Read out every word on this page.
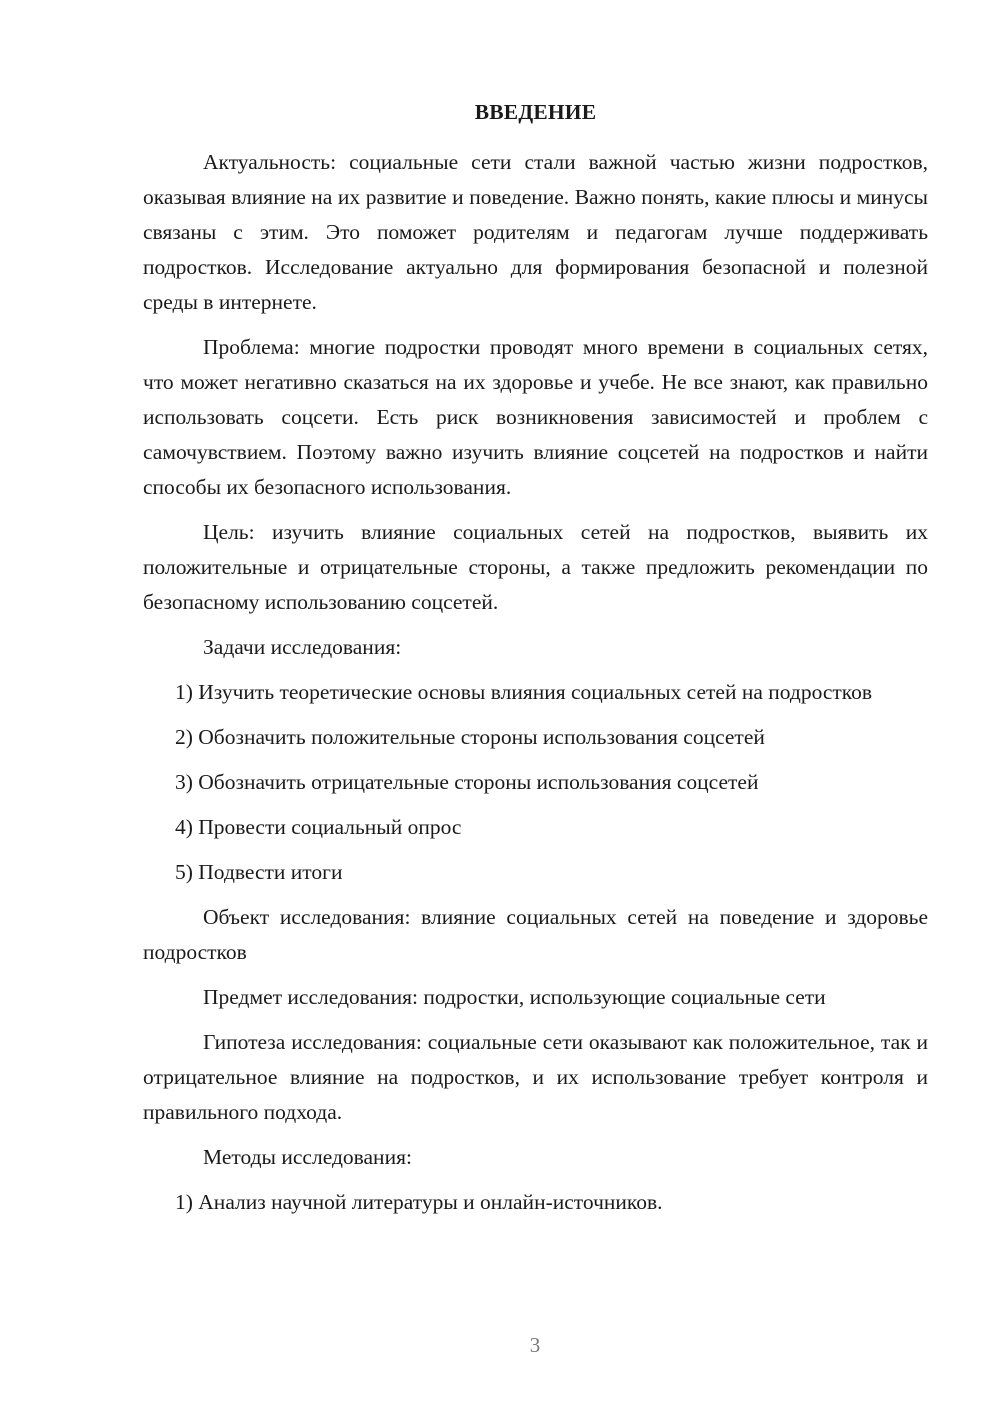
ВВЕДЕНИЕ

Актуальность: социальные сети стали важной частью жизни подростков, оказывая влияние на их развитие и поведение. Важно понять, какие плюсы и минусы связаны с этим. Это поможет родителям и педагогам лучше поддерживать подростков. Исследование актуально для формирования безопасной и полезной среды в интернете.

Проблема: многие подростки проводят много времени в социальных сетях, что может негативно сказаться на их здоровье и учебе. Не все знают, как правильно использовать соцсети. Есть риск возникновения зависимостей и проблем с самочувствием. Поэтому важно изучить влияние соцсетей на подростков и найти способы их безопасного использования.

Цель: изучить влияние социальных сетей на подростков, выявить их положительные и отрицательные стороны, а также предложить рекомендации по безопасному использованию соцсетей.

Задачи исследования:

1) Изучить теоретические основы влияния социальных сетей на подростков

2) Обозначить положительные стороны использования соцсетей

3) Обозначить отрицательные стороны использования соцсетей

4) Провести социальный опрос

5) Подвести итоги

Объект исследования: влияние социальных сетей на поведение и здоровье подростков

Предмет исследования: подростки, использующие социальные сети

Гипотеза исследования: социальные сети оказывают как положительное, так и отрицательное влияние на подростков, и их использование требует контроля и правильного подхода.

Методы исследования:

1) Анализ научной литературы и онлайн-источников.

3
